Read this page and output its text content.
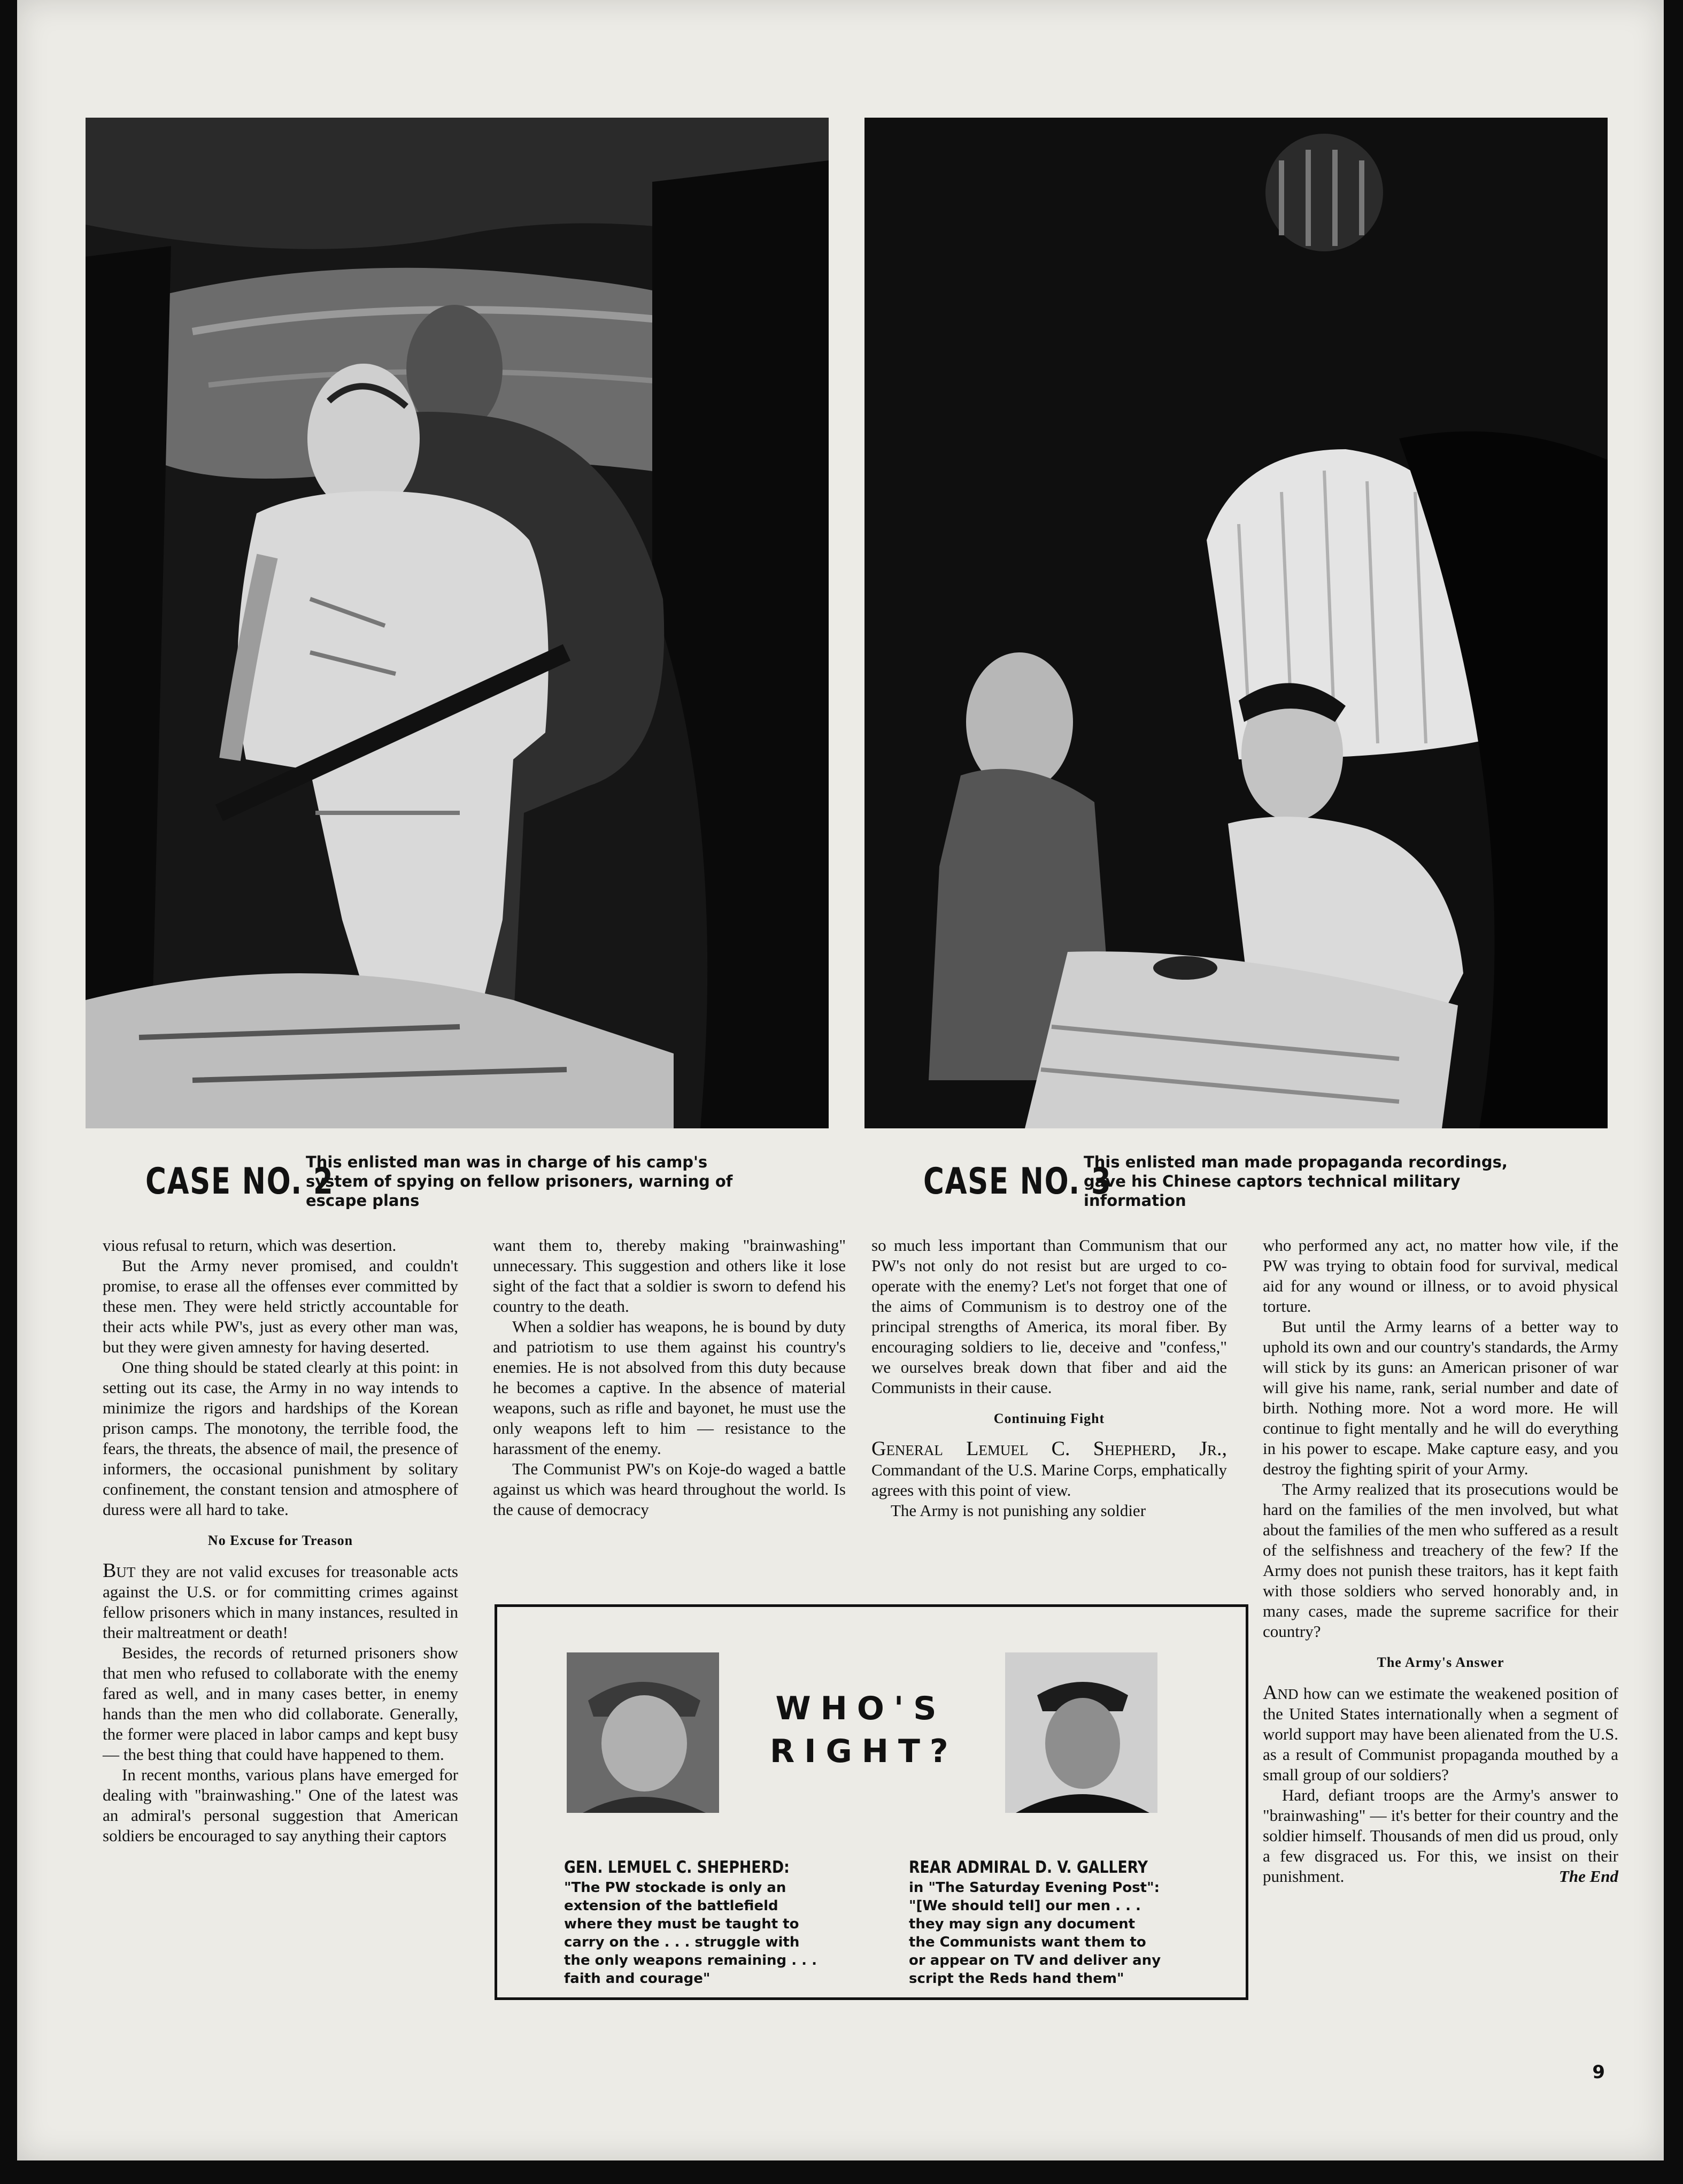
CASE NO. 2
This enlisted man was in charge of his camp's system of spying on fellow prisoners, warning of escape plans	CASE NO. 3
This enlisted man made propaganda recordings, gave his Chinese captors technical military information

vious refusal to return, which was desertion.

But the Army never promised, and couldn't promise, to erase all the offenses ever committed by these men. They were held strictly accountable for their acts while PW's, just as every other man was, but they were given amnesty for having deserted.

One thing should be stated clearly at this point: in setting out its case, the Army in no way intends to minimize the rigors and hardships of the Korean prison camps. The monotony, the terrible food, the fears, the threats, the absence of mail, the presence of informers, the occasional punishment by solitary confinement, the constant tension and atmosphere of duress were all hard to take.

No Excuse for Treason

But they are not valid excuses for treasonable acts against the U.S. or for committing crimes against fellow prisoners which in many instances, resulted in their maltreatment or death!

Besides, the records of returned prisoners show that men who refused to collaborate with the enemy fared as well, and in many cases better, in enemy hands than the men who did collaborate. Generally, the former were placed in labor camps and kept busy — the best thing that could have happened to them.

In recent months, various plans have emerged for dealing with "brainwashing." One of the latest was an admiral's personal suggestion that American soldiers be encouraged to say anything their captors

want them to, thereby making "brainwashing" unnecessary. This suggestion and others like it lose sight of the fact that a soldier is sworn to defend his country to the death.

When a soldier has weapons, he is bound by duty and patriotism to use them against his country's enemies. He is not absolved from this duty because he becomes a captive. In the absence of material weapons, such as rifle and bayonet, he must use the only weapons left to him — resistance to the harassment of the enemy.

The Communist PW's on Koje-do waged a battle against us which was heard throughout the world. Is the cause of democracy

so much less important than Communism that our PW's not only do not resist but are urged to co-operate with the enemy? Let's not forget that one of the aims of Communism is to destroy one of the principal strengths of America, its moral fiber. By encouraging soldiers to lie, deceive and "confess," we ourselves break down that fiber and aid the Communists in their cause.

Continuing Fight

General Lemuel C. Shepherd, Jr., Commandant of the U.S. Marine Corps, emphatically agrees with this point of view.

The Army is not punishing any soldier

who performed any act, no matter how vile, if the PW was trying to obtain food for survival, medical aid for any wound or illness, or to avoid physical torture.

But until the Army learns of a better way to uphold its own and our country's standards, the Army will stick by its guns: an American prisoner of war will give his name, rank, serial number and date of birth. Nothing more. Not a word more. He will continue to fight mentally and he will do everything in his power to escape. Make capture easy, and you destroy the fighting spirit of your Army.

The Army realized that its prosecutions would be hard on the families of the men involved, but what about the families of the men who suffered as a result of the selfishness and treachery of the few? If the Army does not punish these traitors, has it kept faith with those soldiers who served honorably and, in many cases, made the supreme sacrifice for their country?

The Army's Answer

And how can we estimate the weakened position of the United States internationally when a segment of world support may have been alienated from the U.S. as a result of Communist propaganda mouthed by a small group of our soldiers?

Hard, defiant troops are the Army's answer to "brainwashing" — it's better for their country and the soldier himself. Thousands of men did us proud, only a few disgraced us. For this, we insist on their punishment.	The End

WHO'S
RIGHT?
GEN. LEMUEL C. SHEPHERD:
"The PW stockade is only an extension of the battlefield where they must be taught to carry on the . . . struggle with the only weapons remaining . . . faith and courage"
REAR ADMIRAL D. V. GALLERY
in "The Saturday Evening Post":
"[We should tell] our men . . . they may sign any document the Communists want them to or appear on TV and deliver any script the Reds hand them"
9
